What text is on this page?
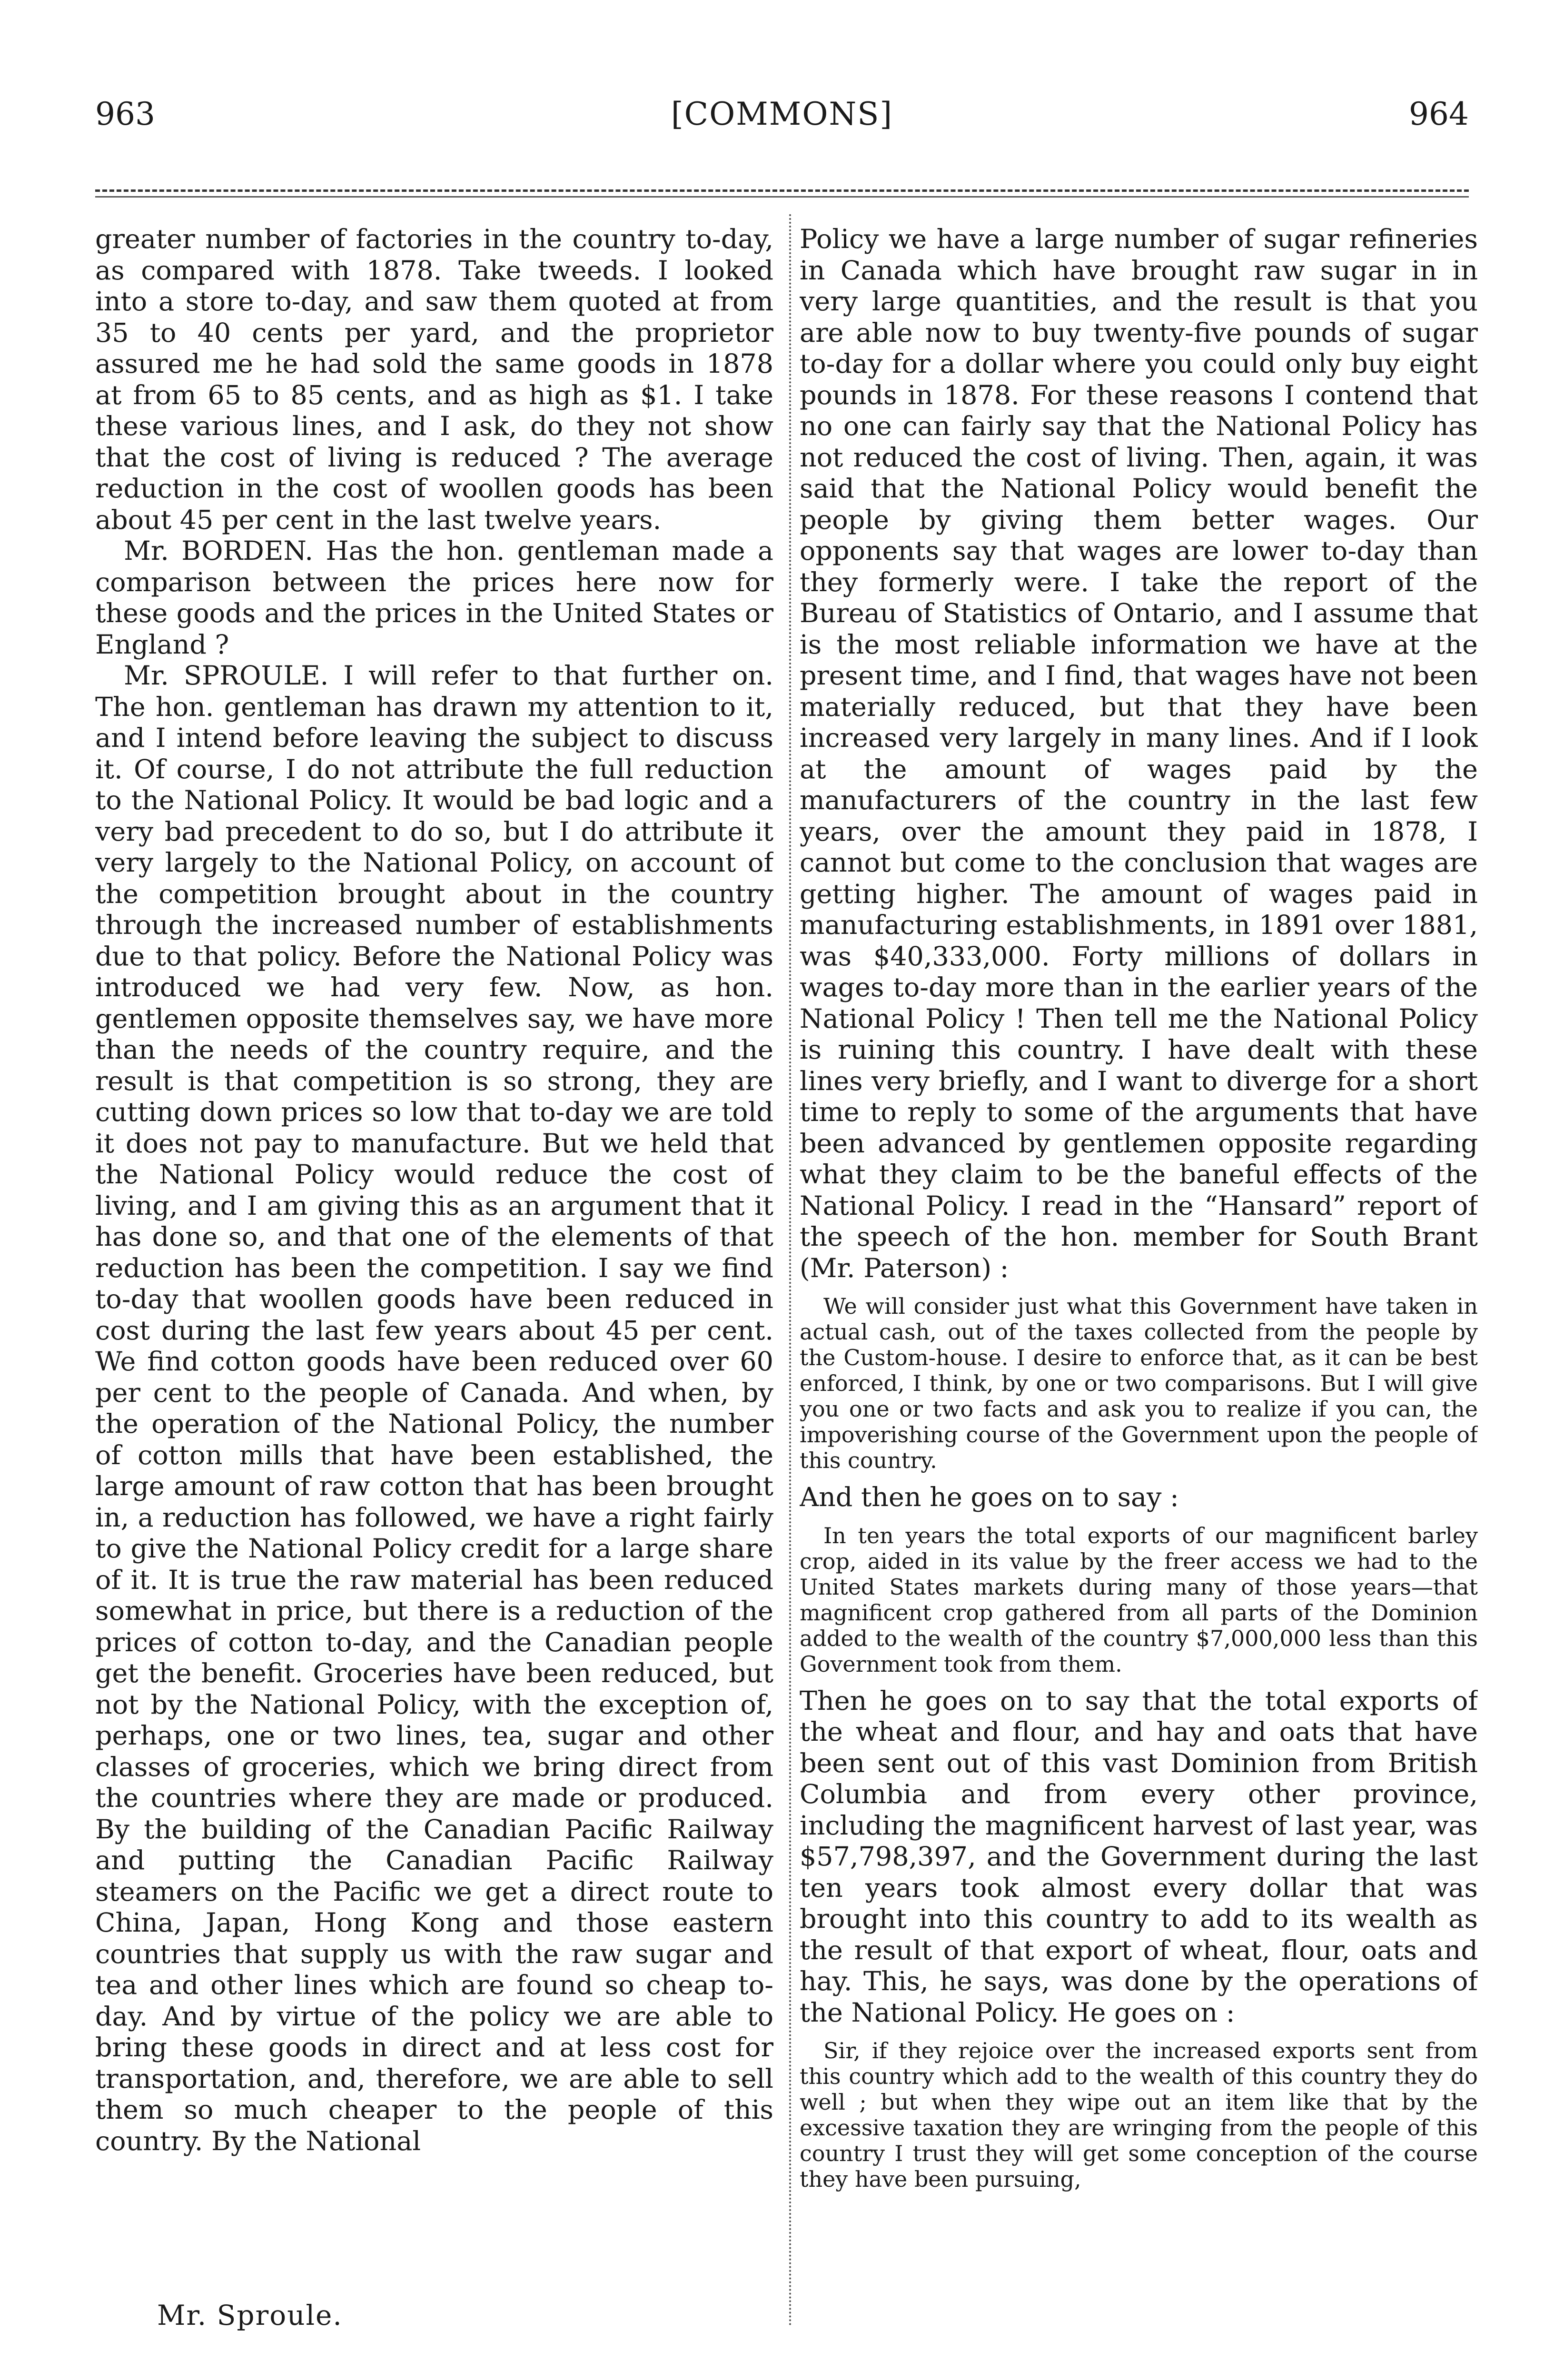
963	[COMMONS]	964

greater number of factories in the country to-day, as compared with 1878. Take tweeds. I looked into a store to-day, and saw them quoted at from 35 to 40 cents per yard, and the proprietor assured me he had sold the same goods in 1878 at from 65 to 85 cents, and as high as $1. I take these various lines, and I ask, do they not show that the cost of living is reduced ? The average reduction in the cost of woollen goods has been about 45 per cent in the last twelve years.

Mr. BORDEN. Has the hon. gentleman made a comparison between the prices here now for these goods and the prices in the United States or England ?

Mr. SPROULE. I will refer to that further on. The hon. gentleman has drawn my attention to it, and I intend before leaving the subject to discuss it. Of course, I do not attribute the full reduction to the National Policy. It would be bad logic and a very bad precedent to do so, but I do attribute it very largely to the National Policy, on account of the competition brought about in the country through the increased number of establishments due to that policy. Before the National Policy was introduced we had very few. Now, as hon. gentlemen opposite themselves say, we have more than the needs of the country require, and the result is that competition is so strong, they are cutting down prices so low that to-day we are told it does not pay to manufacture. But we held that the National Policy would reduce the cost of living, and I am giving this as an argument that it has done so, and that one of the elements of that reduction has been the competition. I say we find to-day that woollen goods have been reduced in cost during the last few years about 45 per cent. We find cotton goods have been reduced over 60 per cent to the people of Canada. And when, by the operation of the National Policy, the number of cotton mills that have been established, the large amount of raw cotton that has been brought in, a reduction has followed, we have a right fairly to give the National Policy credit for a large share of it. It is true the raw material has been reduced somewhat in price, but there is a reduction of the prices of cotton to-day, and the Canadian people get the benefit. Groceries have been reduced, but not by the National Policy, with the exception of, perhaps, one or two lines, tea, sugar and other classes of groceries, which we bring direct from the countries where they are made or produced. By the building of the Canadian Pacific Railway and putting the Canadian Pacific Railway steamers on the Pacific we get a direct route to China, Japan, Hong Kong and those eastern countries that supply us with the raw sugar and tea and other lines which are found so cheap to-day. And by virtue of the policy we are able to bring these goods in direct and at less cost for transportation, and, therefore, we are able to sell them so much cheaper to the people of this country. By the National

Policy we have a large number of sugar refineries in Canada which have brought raw sugar in in very large quantities, and the result is that you are able now to buy twenty-five pounds of sugar to-day for a dollar where you could only buy eight pounds in 1878. For these reasons I contend that no one can fairly say that the National Policy has not reduced the cost of living. Then, again, it was said that the National Policy would benefit the people by giving them better wages. Our opponents say that wages are lower to-day than they formerly were. I take the report of the Bureau of Statistics of Ontario, and I assume that is the most reliable information we have at the present time, and I find, that wages have not been materially reduced, but that they have been increased very largely in many lines. And if I look at the amount of wages paid by the manufacturers of the country in the last few years, over the amount they paid in 1878, I cannot but come to the conclusion that wages are getting higher. The amount of wages paid in manufacturing establishments, in 1891 over 1881, was $40,333,000. Forty millions of dollars in wages to-day more than in the earlier years of the National Policy ! Then tell me the National Policy is ruining this country. I have dealt with these lines very briefly, and I want to diverge for a short time to reply to some of the arguments that have been advanced by gentlemen opposite regarding what they claim to be the baneful effects of the National Policy. I read in the “Hansard” report of the speech of the hon. member for South Brant (Mr. Paterson) :

We will consider just what this Government have taken in actual cash, out of the taxes collected from the people by the Custom-house. I desire to enforce that, as it can be best enforced, I think, by one or two comparisons. But I will give you one or two facts and ask you to realize if you can, the impoverishing course of the Government upon the people of this country.

And then he goes on to say :

In ten years the total exports of our magnificent barley crop, aided in its value by the freer access we had to the United States markets during many of those years—that magnificent crop gathered from all parts of the Dominion added to the wealth of the country $7,000,000 less than this Government took from them.

Then he goes on to say that the total exports of the wheat and flour, and hay and oats that have been sent out of this vast Dominion from British Columbia and from every other province, including the magnificent harvest of last year, was $57,798,397, and the Government during the last ten years took almost every dollar that was brought into this country to add to its wealth as the result of that export of wheat, flour, oats and hay. This, he says, was done by the operations of the National Policy. He goes on :

Sir, if they rejoice over the increased exports sent from this country which add to the wealth of this country they do well ; but when they wipe out an item like that by the excessive taxation they are wringing from the people of this country I trust they will get some conception of the course they have been pursuing,
Mr. Sproule.
